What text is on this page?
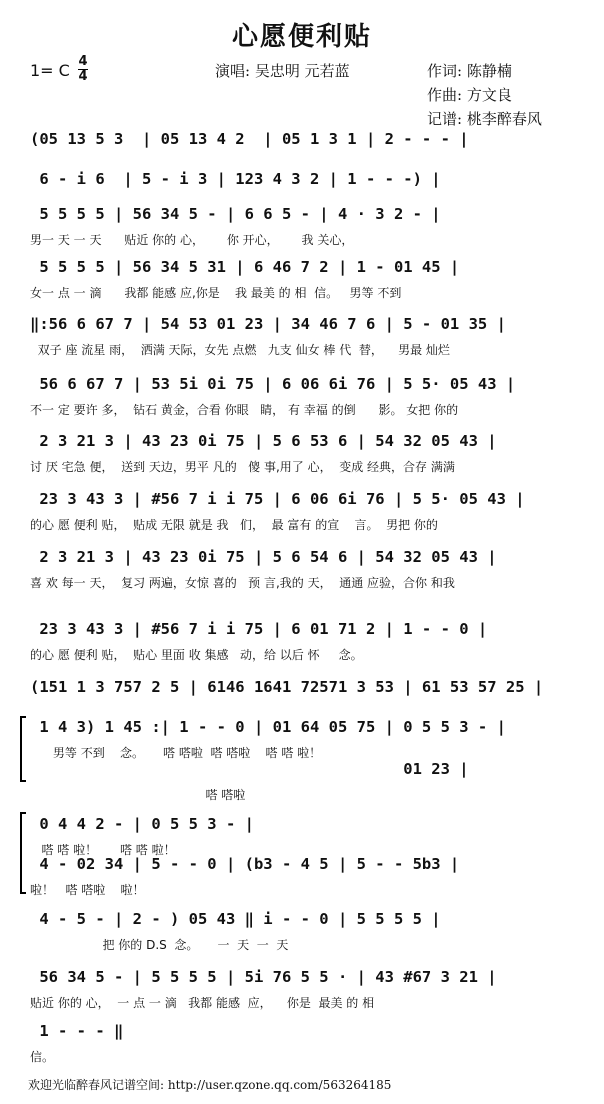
心愿便利贴
1= C 4
4	演唱: 吴忠明 元若蓝	作词: 陈静楠
作曲: 方文良
记谱: 桃李醉春风
(05 13 5 3  | 05 13 4 2  | 05 1 3 1 | 2 - - - |
6 - i 6  | 5 - i 3 | 123 4 3 2 | 1 - - -) |
5 5 5 5 | 56 34 5 - | 6 6 5 - | 4 · 3 2 - |
男一 天 一 天      贴近 你的 心，      你 开心，      我 关心，
5 5 5 5 | 56 34 5 31 | 6 46 7 2 | 1 - 01 45 |
女一 点 一 滴      我都 能感 应,你是    我 最美 的 相  信。   男等 不到
‖:56 6 67 7 | 54 53 01 23 | 34 46 7 6 | 5 - 01 35 |
双子 座 流星 雨，  洒满 天际，女先 点燃   九支 仙女 棒 代  替，    男最 灿烂
56 6 67 7 | 53 5i 0i 75 | 6 06 6i 76 | 5 5· 05 43 |
不一 定 要许 多，  钻石 黄金，合看 你眼   睛， 有 幸福 的倒      影。 女把 你的
2 3 21 3 | 43 23 0i 75 | 5 6 53 6 | 54 32 05 43 |
讨 厌 宅急 便，  送到 天边，男平 凡的   傻 事,用了 心，  变成 经典，合存 满满
23 3 43 3 | #56 7 i i 75 | 6 06 6i 76 | 5 5· 05 43 |
的心 愿 便利 贴，  贴成 无限 就是 我   们，  最 富有 的宣    言。  男把 你的
2 3 21 3 | 43 23 0i 75 | 5 6 54 6 | 54 32 05 43 |
喜 欢 每一 天，  复习 两遍，女惊 喜的   预 言,我的 天，  通通 应验，合你 和我
23 3 43 3 | #56 7 i i 75 | 6 01 71 2 | 1 - - 0 |
的心 愿 便利 贴，  贴心 里面 收 集感   动，给 以后 怀     念。
(151 1 3 757 2 5 | 6146 1641 72571 3 53 | 61 53 57 25 |
1 4 3) 1 45 :| 1 - - 0 | 01 64 05 75 | 0 5 5 3 - |
男等 不到    念。     嗒 嗒啦  嗒 嗒啦    嗒 嗒 啦！
01 23 |
嗒 嗒啦
0 4 4 2 - | 0 5 5 3 - |
嗒 嗒 啦！      嗒 嗒 啦！
4 - 02 34 | 5 - - 0 | (b3 - 4 5 | 5 - - 5b3 |
啦！   嗒 嗒啦    啦！
4 - 5 - | 2 - ) 05 43 ‖ i - - 0 | 5 5 5 5 |
把 你的 D.S  念。     一  天  一  天
56 34 5 - | 5 5 5 5 | 5i 76 5 5 · | 43 #67 3 21 |
贴近 你的 心，  一 点 一 滴   我都 能感  应，    你是  最美 的 相
1 - - - ‖
信。
欢迎光临醉春风记谱空间: http://user.qzone.qq.com/563264185
